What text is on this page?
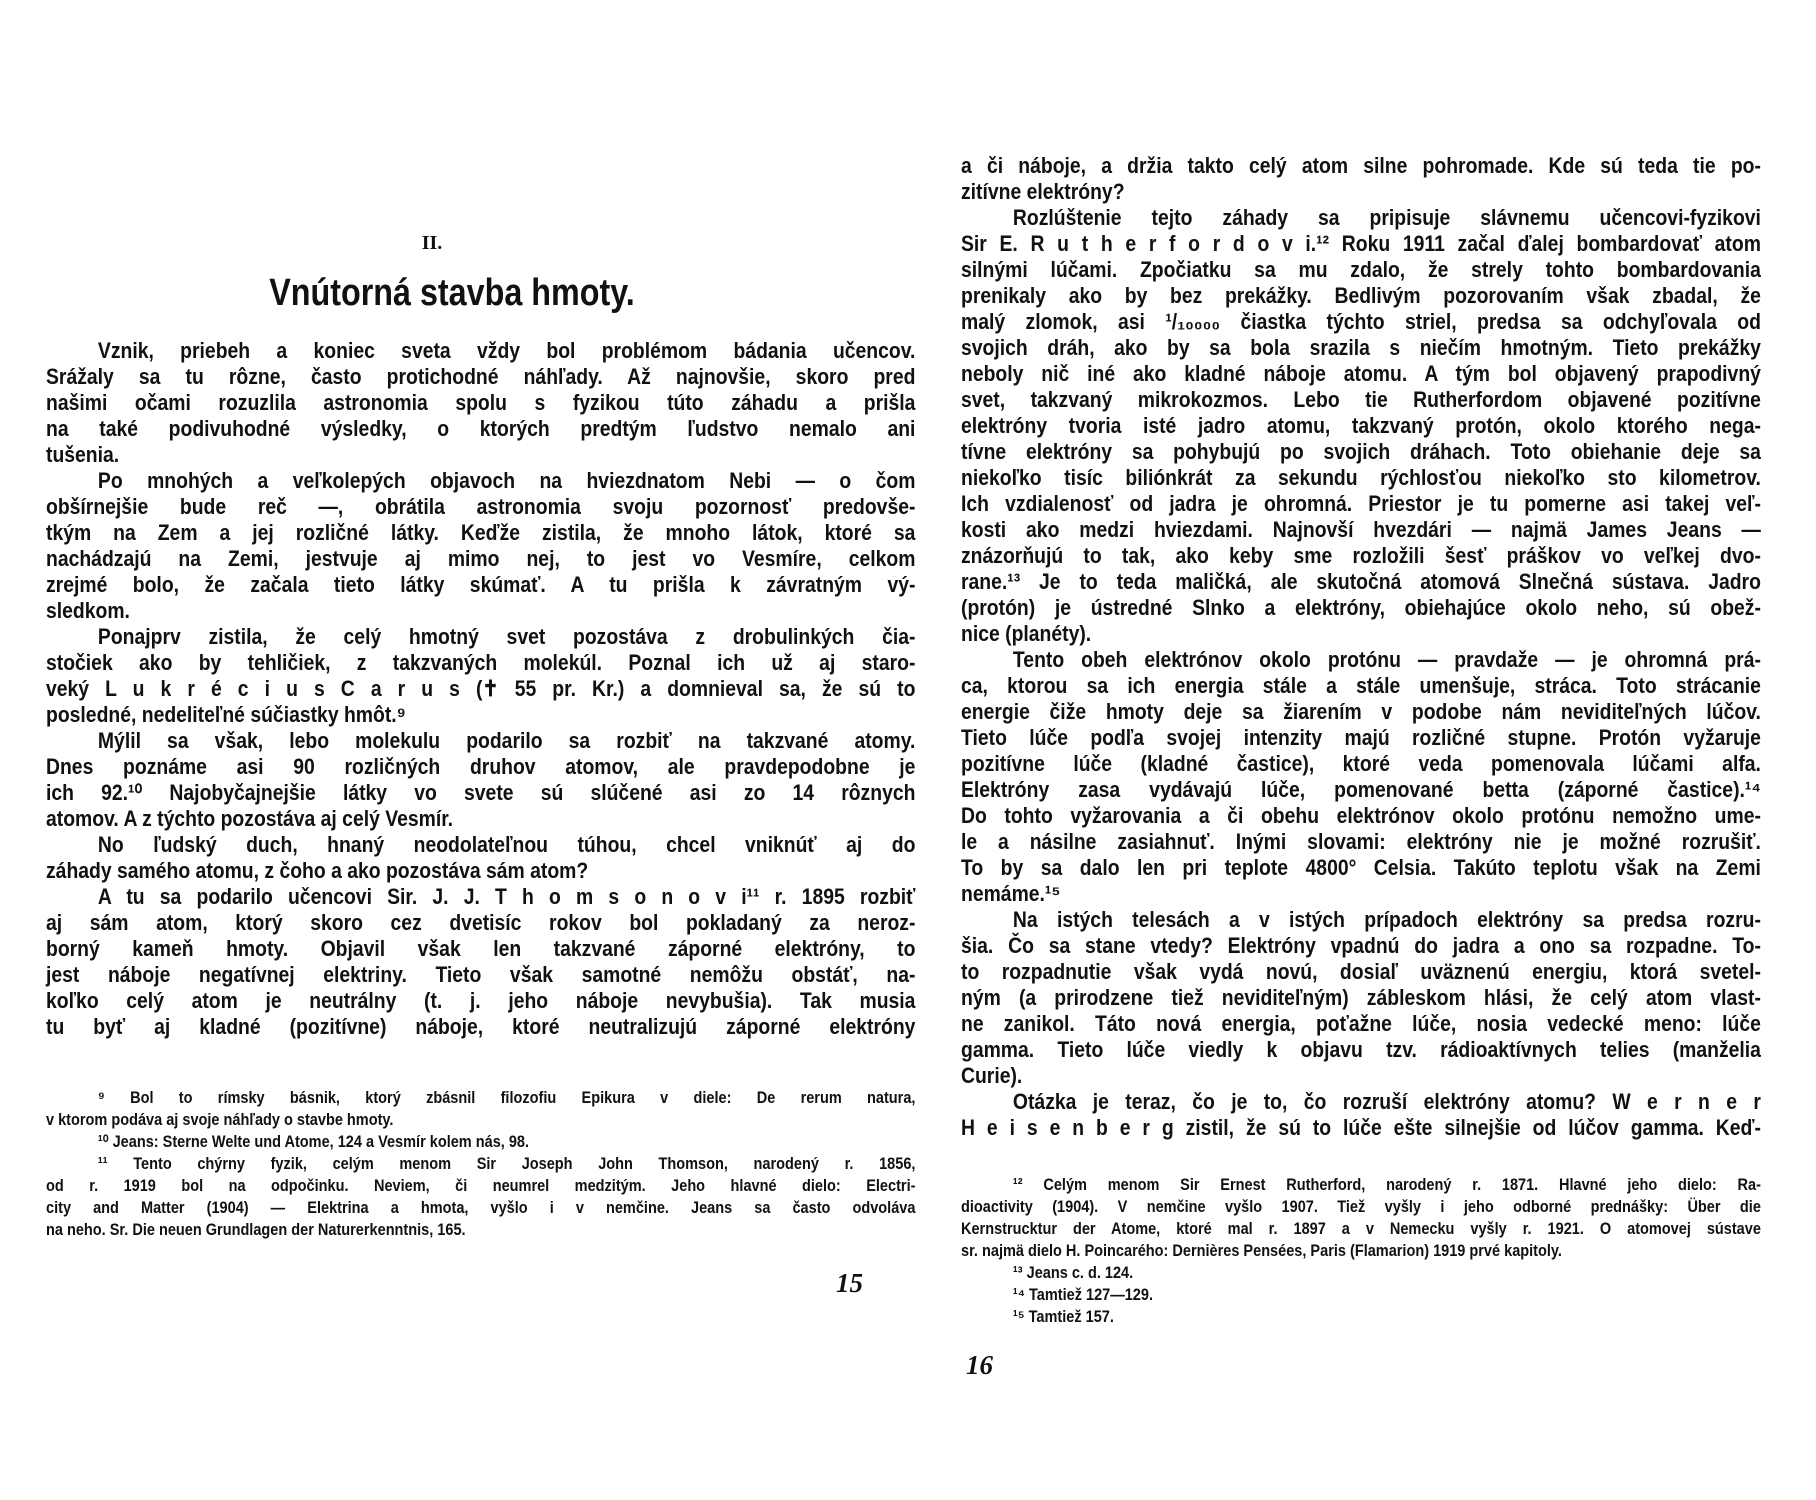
II.
Vnútorná stavba hmoty.
Vznik, priebeh a koniec sveta vždy bol problémom bádania učencov.
Srážaly sa tu rôzne, často protichodné náhľady. Až najnovšie, skoro pred
našimi očami rozuzlila astronomia spolu s fyzikou túto záhadu a prišla
na také podivuhodné výsledky, o ktorých predtým ľudstvo nemalo ani
tušenia.
Po mnohých a veľkolepých objavoch na hviezdnatom Nebi — o čom
obšírnejšie bude reč —, obrátila astronomia svoju pozornosť predovše-
tkým na Zem a jej rozličné látky. Keďže zistila, že mnoho látok, ktoré sa
nachádzajú na Zemi, jestvuje aj mimo nej, to jest vo Vesmíre, celkom
zrejmé bolo, že začala tieto látky skúmať. A tu prišla k závratným vý-
sledkom.
Ponajprv zistila, že celý hmotný svet pozostáva z drobulinkých čia-
stočiek ako by tehličiek, z takzvaných molekúl. Poznal ich už aj staro-
veký L u k r é c i u s C a r u s (✝ 55 pr. Kr.) a domnieval sa, že sú to
posledné, nedeliteľné súčiastky hmôt.⁹
Mýlil sa však, lebo molekulu podarilo sa rozbiť na takzvané atomy.
Dnes poznáme asi 90 rozličných druhov atomov, ale pravdepodobne je
ich 92.¹⁰ Najobyčajnejšie látky vo svete sú slúčené asi zo 14 rôznych
atomov. A z týchto pozostáva aj celý Vesmír.
No ľudský duch, hnaný neodolateľnou túhou, chcel vniknúť aj do
záhady samého atomu, z čoho a ako pozostáva sám atom?
A tu sa podarilo učencovi Sir. J. J. T h o m s o n o v i¹¹ r. 1895 rozbiť
aj sám atom, ktorý skoro cez dvetisíc rokov bol pokladaný za neroz-
borný kameň hmoty. Objavil však len takzvané záporné elektróny, to
jest náboje negatívnej elektriny. Tieto však samotné nemôžu obstáť, na-
koľko celý atom je neutrálny (t. j. jeho náboje nevybušia). Tak musia
tu byť aj kladné (pozitívne) náboje, ktoré neutralizujú záporné elektróny
⁹ Bol to rímsky básnik, ktorý zbásnil filozofiu Epikura v diele: De rerum natura,
v ktorom podáva aj svoje náhľady o stavbe hmoty.
¹⁰ Jeans: Sterne Welte und Atome, 124 a Vesmír kolem nás, 98.
¹¹ Tento chýrny fyzik, celým menom Sir Joseph John Thomson, narodený r. 1856,
od r. 1919 bol na odpočinku. Neviem, či neumrel medzitým. Jeho hlavné dielo: Electri-
city and Matter (1904) — Elektrina a hmota, vyšlo i v nemčine. Jeans sa často odvoláva
na neho. Sr. Die neuen Grundlagen der Naturerkenntnis, 165.
15
a či náboje, a držia takto celý atom silne pohromade. Kde sú teda tie po-
zitívne elektróny?
Rozlúštenie tejto záhady sa pripisuje slávnemu učencovi-fyzikovi
Sir E. R u t h e r f o r d o v i.¹² Roku 1911 začal ďalej bombardovať atom
silnými lúčami. Zpočiatku sa mu zdalo, že strely tohto bombardovania
prenikaly ako by bez prekážky. Bedlivým pozorovaním však zbadal, že
malý zlomok, asi ¹/₁₀₀₀₀ čiastka týchto striel, predsa sa odchyľovala od
svojich dráh, ako by sa bola srazila s niečím hmotným. Tieto prekážky
neboly nič iné ako kladné náboje atomu. A tým bol objavený prapodivný
svet, takzvaný mikrokozmos. Lebo tie Rutherfordom objavené pozitívne
elektróny tvoria isté jadro atomu, takzvaný protón, okolo ktorého nega-
tívne elektróny sa pohybujú po svojich dráhach. Toto obiehanie deje sa
niekoľko tisíc biliónkrát za sekundu rýchlosťou niekoľko sto kilometrov.
Ich vzdialenosť od jadra je ohromná. Priestor je tu pomerne asi takej veľ-
kosti ako medzi hviezdami. Najnovší hvezdári — najmä James Jeans —
znázorňujú to tak, ako keby sme rozložili šesť práškov vo veľkej dvo-
rane.¹³ Je to teda maličká, ale skutočná atomová Slnečná sústava. Jadro
(protón) je ústredné Slnko a elektróny, obiehajúce okolo neho, sú obež-
nice (planéty).
Tento obeh elektrónov okolo protónu — pravdaže — je ohromná prá-
ca, ktorou sa ich energia stále a stále umenšuje, stráca. Toto strácanie
energie čiže hmoty deje sa žiarením v podobe nám neviditeľných lúčov.
Tieto lúče podľa svojej intenzity majú rozličné stupne. Protón vyžaruje
pozitívne lúče (kladné častice), ktoré veda pomenovala lúčami alfa.
Elektróny zasa vydávajú lúče, pomenované betta (záporné častice).¹⁴
Do tohto vyžarovania a či obehu elektrónov okolo protónu nemožno ume-
le a násilne zasiahnuť. Inými slovami: elektróny nie je možné rozrušiť.
To by sa dalo len pri teplote 4800° Celsia. Takúto teplotu však na Zemi
nemáme.¹⁵
Na istých telesách a v istých prípadoch elektróny sa predsa rozru-
šia. Čo sa stane vtedy? Elektróny vpadnú do jadra a ono sa rozpadne. To-
to rozpadnutie však vydá novú, dosiaľ uväznenú energiu, ktorá svetel-
ným (a prirodzene tiež neviditeľným) zábleskom hlási, že celý atom vlast-
ne zanikol. Táto nová energia, poťažne lúče, nosia vedecké meno: lúče
gamma. Tieto lúče viedly k objavu tzv. rádioaktívnych telies (manželia
Curie).
Otázka je teraz, čo je to, čo rozruší elektróny atomu? W e r n e r
H e i s e n b e r g zistil, že sú to lúče ešte silnejšie od lúčov gamma. Keď-
¹² Celým menom Sir Ernest Rutherford, narodený r. 1871. Hlavné jeho dielo: Ra-
dioactivity (1904). V nemčine vyšlo 1907. Tiež vyšly i jeho odborné prednášky: Über die
Kernstrucktur der Atome, ktoré mal r. 1897 a v Nemecku vyšly r. 1921. O atomovej sústave
sr. najmä dielo H. Poincarého: Dernières Pensées, Paris (Flamarion) 1919 prvé kapitoly.
¹³ Jeans c. d. 124.
¹⁴ Tamtiež 127—129.
¹⁵ Tamtiež 157.
16
